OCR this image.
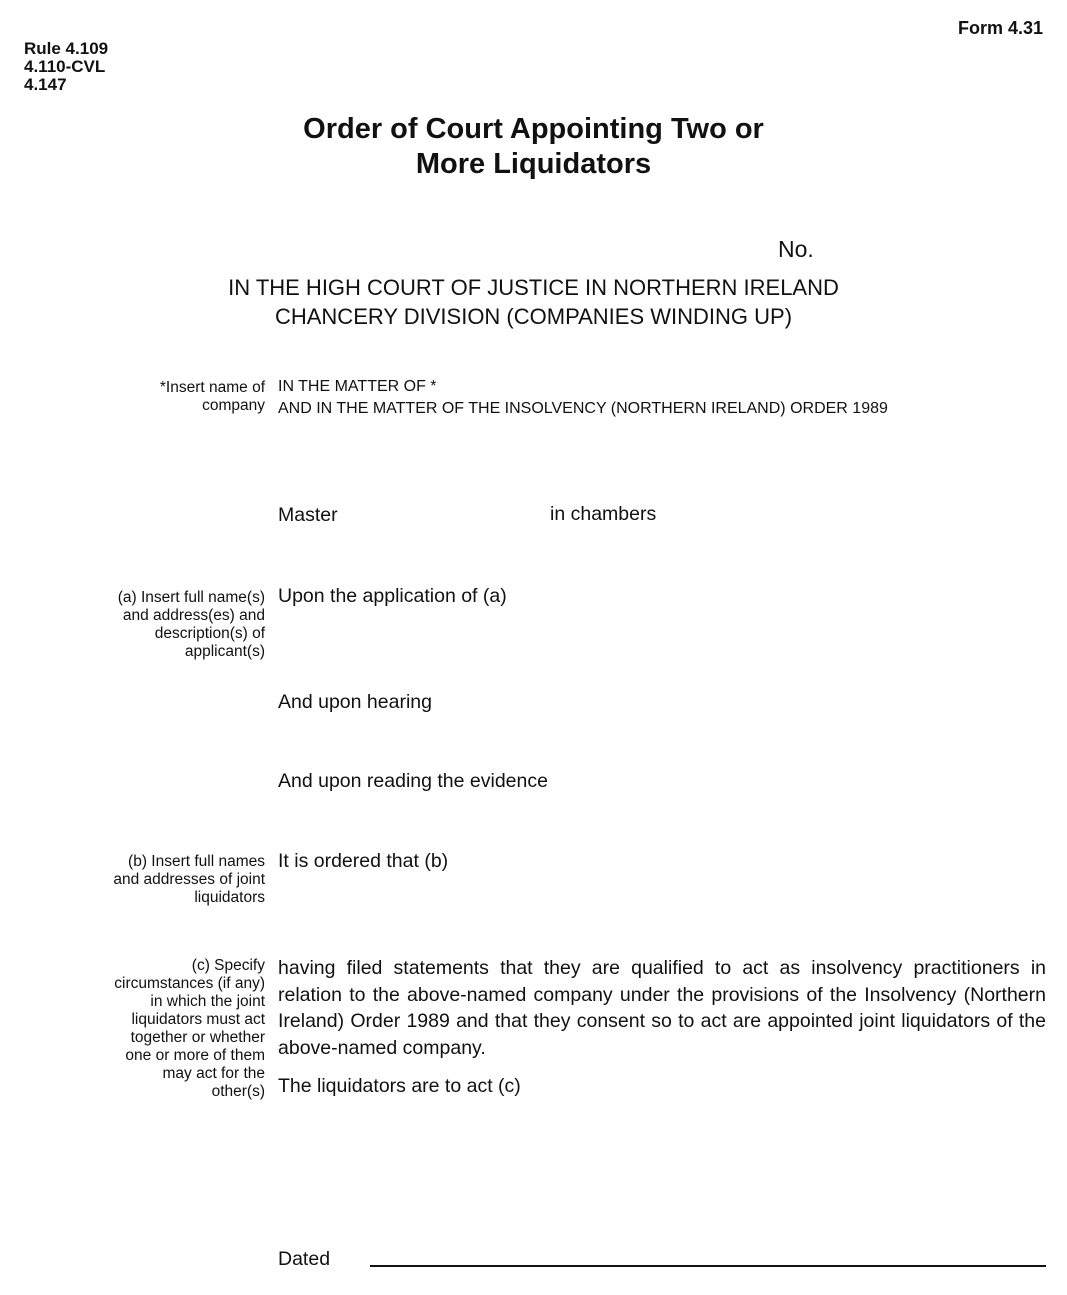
Rule 4.109
4.110-CVL
4.147
Form 4.31
Order of Court Appointing Two or
More Liquidators
No.
IN THE HIGH COURT OF JUSTICE IN NORTHERN IRELAND
CHANCERY DIVISION (COMPANIES WINDING UP)
*Insert name of
company
IN THE MATTER OF *
AND IN THE MATTER OF THE INSOLVENCY (NORTHERN IRELAND) ORDER 1989
Master	in chambers
(a) Insert full name(s)
and address(es) and
description(s) of
applicant(s)
Upon the application of (a)
And upon hearing
And upon reading the evidence
(b) Insert full names
and addresses of joint
liquidators
It is ordered that (b)
(c) Specify
circumstances (if any)
in which the joint
liquidators must act
together or whether
one or more of them
may act for the
other(s)
having filed statements that they are qualified to act as insolvency practitioners in relation to the above-named company under the provisions of the Insolvency (Northern Ireland) Order 1989 and that they consent so to act are appointed joint liquidators of the above-named company.
The liquidators are to act (c)
Dated
